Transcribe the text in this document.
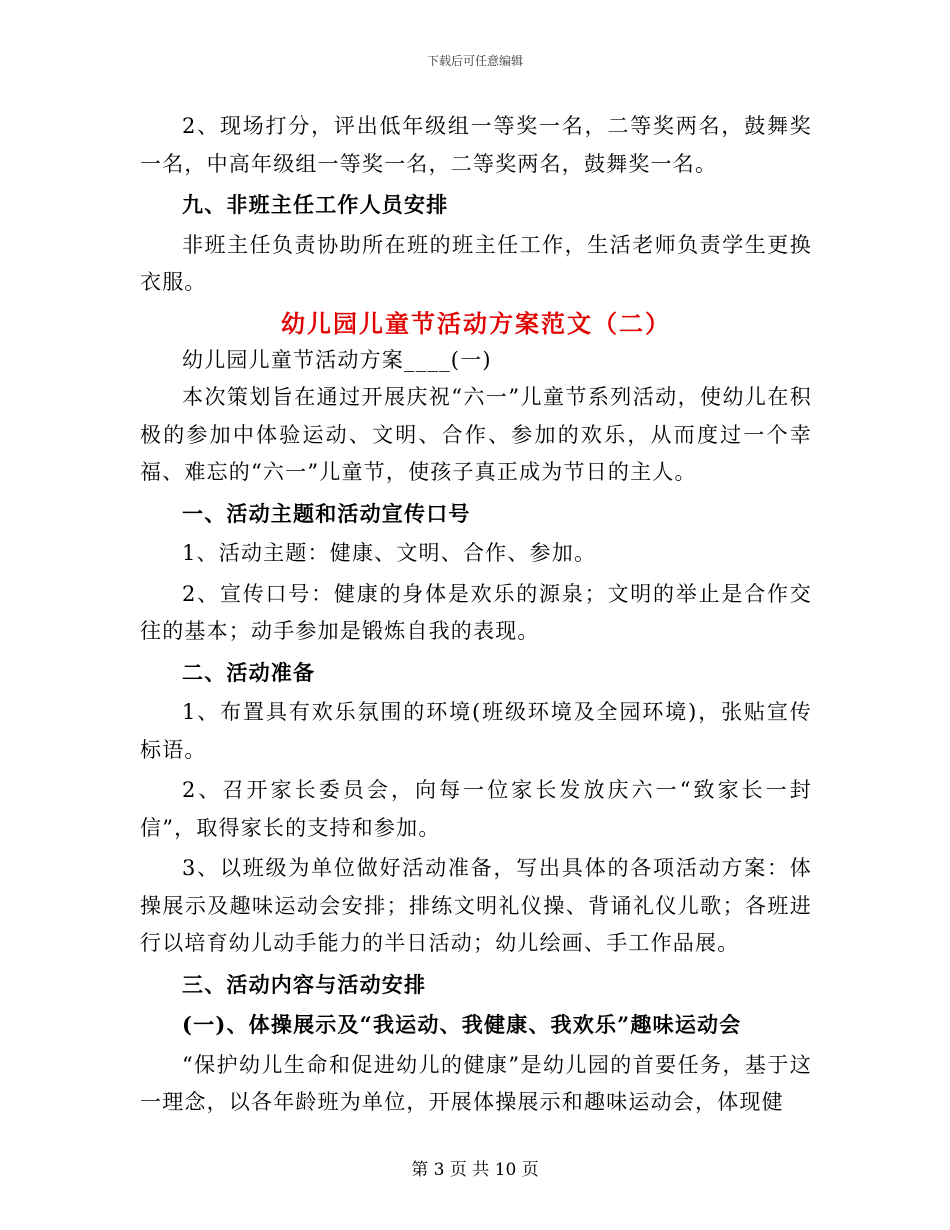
下载后可任意编辑

2、现场打分，评出低年级组一等奖一名，二等奖两名，鼓舞奖一名，中高年级组一等奖一名，二等奖两名，鼓舞奖一名。

九、非班主任工作人员安排

非班主任负责协助所在班的班主任工作，生活老师负责学生更换衣服。

幼儿园儿童节活动方案范文（二）

幼儿园儿童节活动方案____(一)

本次策划旨在通过开展庆祝“六一”儿童节系列活动，使幼儿在积极的参加中体验运动、文明、合作、参加的欢乐，从而度过一个幸福、难忘的“六一”儿童节，使孩子真正成为节日的主人。

一、活动主题和活动宣传口号

1、活动主题：健康、文明、合作、参加。

2、宣传口号：健康的身体是欢乐的源泉；文明的举止是合作交往的基本；动手参加是锻炼自我的表现。

二、活动准备

1、布置具有欢乐氛围的环境(班级环境及全园环境)，张贴宣传标语。

2、召开家长委员会，向每一位家长发放庆六一“致家长一封信”，取得家长的支持和参加。

3、以班级为单位做好活动准备，写出具体的各项活动方案：体操展示及趣味运动会安排；排练文明礼仪操、背诵礼仪儿歌；各班进行以培育幼儿动手能力的半日活动；幼儿绘画、手工作品展。

三、活动内容与活动安排

(一)、体操展示及“我运动、我健康、我欢乐”趣味运动会

“保护幼儿生命和促进幼儿的健康”是幼儿园的首要任务，基于这一理念，以各年龄班为单位，开展体操展示和趣味运动会，体现健

第 3 页 共 10 页
